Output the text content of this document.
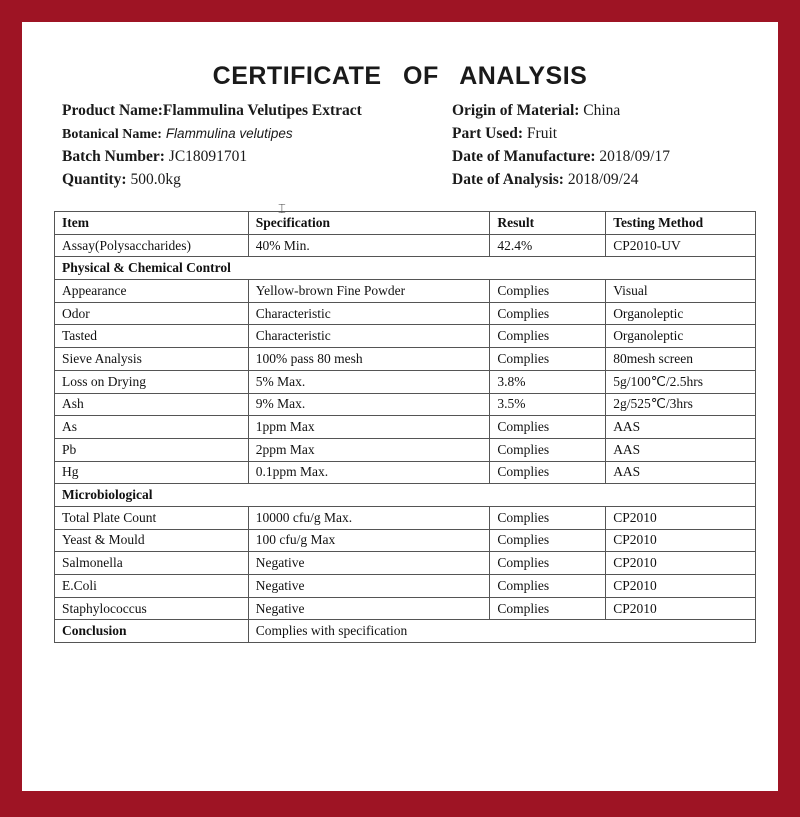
CERTIFICATE OF ANALYSIS
Product Name:Flammulina Velutipes Extract
Botanical Name: Flammulina velutipes
Batch Number: JC18091701
Quantity: 500.0kg
Origin of Material: China
Part Used: Fruit
Date of Manufacture: 2018/09/17
Date of Analysis: 2018/09/24
⌶
Item	Specification	Result	Testing Method
Assay(Polysaccharides)	40% Min.	42.4%	CP2010-UV
Physical & Chemical Control			
Appearance	Yellow-brown Fine Powder	Complies	Visual
Odor	Characteristic	Complies	Organoleptic
Tasted	Characteristic	Complies	Organoleptic
Sieve Analysis	100% pass 80 mesh	Complies	80mesh screen
Loss on Drying	5% Max.	3.8%	5g/100℃/2.5hrs
Ash	9% Max.	3.5%	2g/525℃/3hrs
As	1ppm Max	Complies	AAS
Pb	2ppm Max	Complies	AAS
Hg	0.1ppm Max.	Complies	AAS
Microbiological			
Total Plate Count	10000 cfu/g Max.	Complies	CP2010
Yeast & Mould	100 cfu/g Max	Complies	CP2010
Salmonella	Negative	Complies	CP2010
E.Coli	Negative	Complies	CP2010
Staphylococcus	Negative	Complies	CP2010
Conclusion	Complies with specification		
